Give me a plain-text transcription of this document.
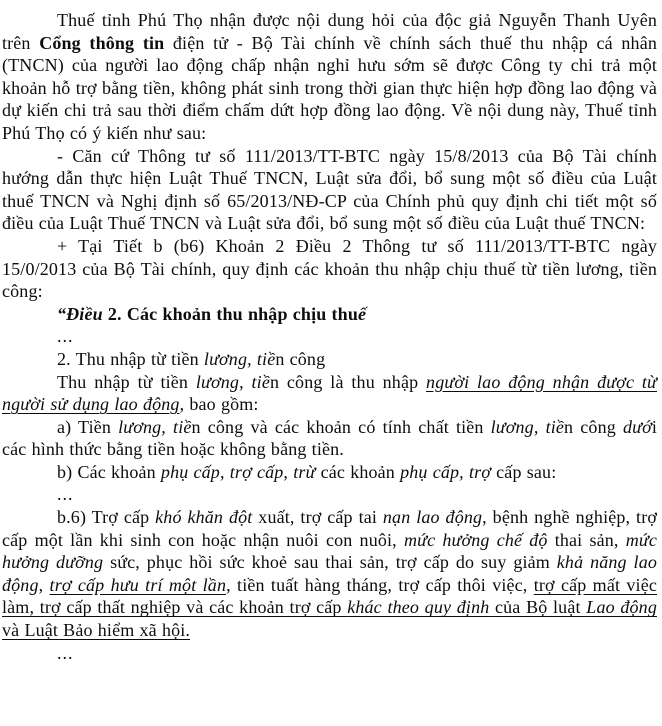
Thuế tỉnh Phú Thọ nhận được nội dung hỏi của độc giả Nguyễn Thanh Uyên trên Cổng thông tin điện tử - Bộ Tài chính về chính sách thuế thu nhập cá nhân (TNCN) của người lao động chấp nhận nghỉ hưu sớm sẽ được Công ty chi trả một khoản hỗ trợ bằng tiền, không phát sinh trong thời gian thực hiện hợp đồng lao động và dự kiến chi trả sau thời điểm chấm dứt hợp đồng lao động. Về nội dung này, Thuế tỉnh Phú Thọ có ý kiến như sau:

- Căn cứ Thông tư số 111/2013/TT-BTC ngày 15/8/2013 của Bộ Tài chính hướng dẫn thực hiện Luật Thuế TNCN, Luật sửa đổi, bổ sung một số điều của Luật thuế TNCN và Nghị định số 65/2013/NĐ-CP của Chính phủ quy định chi tiết một số điều của Luật Thuế TNCN và Luật sửa đổi, bổ sung một số điều của Luật thuế TNCN:

+ Tại Tiết b (b6) Khoản 2 Điều 2 Thông tư số 111/2013/TT-BTC ngày 15/0/2013 của Bộ Tài chính, quy định các khoản thu nhập chịu thuế từ tiền lương, tiền công:

“Điều 2. Các khoản thu nhập chịu thuế

...

2. Thu nhập từ tiền lương, tiền công

Thu nhập từ tiền lương, tiền công là thu nhập người lao động nhận được từ người sử dụng lao động, bao gồm:

a) Tiền lương, tiền công và các khoản có tính chất tiền lương, tiền công dưới các hình thức bằng tiền hoặc không bằng tiền.

b) Các khoản phụ cấp, trợ cấp, trừ các khoản phụ cấp, trợ cấp sau:

...

b.6) Trợ cấp khó khăn đột xuất, trợ cấp tai nạn lao động, bệnh nghề nghiệp, trợ cấp một lần khi sinh con hoặc nhận nuôi con nuôi, mức hưởng chế độ thai sản, mức hưởng dưỡng sức, phục hồi sức khoẻ sau thai sản, trợ cấp do suy giảm khả năng lao động, trợ cấp hưu trí một lần, tiền tuất hàng tháng, trợ cấp thôi việc, trợ cấp mất việc làm, trợ cấp thất nghiệp và các khoản trợ cấp khác theo quy định của Bộ luật Lao động và Luật Bảo hiểm xã hội.

...
